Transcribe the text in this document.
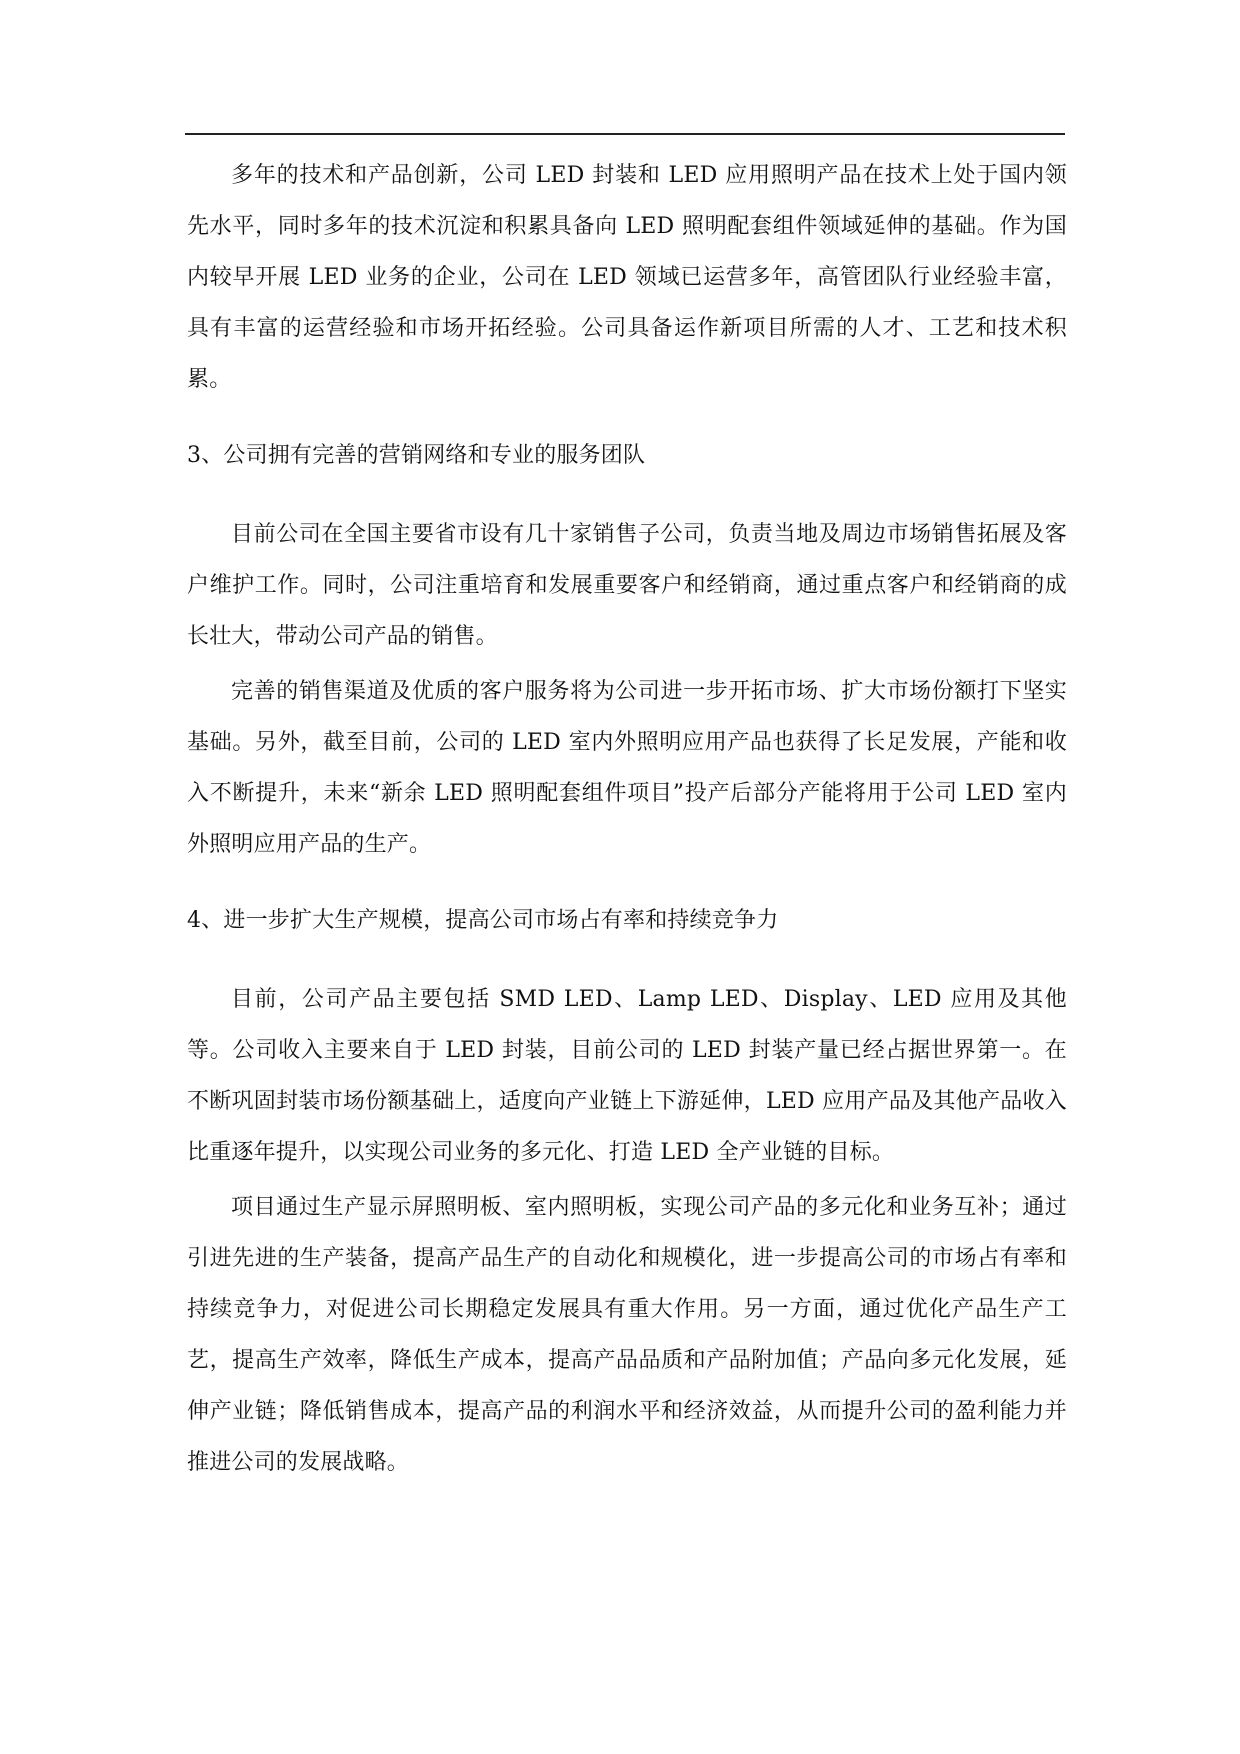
多年的技术和产品创新，公司 LED 封装和 LED 应用照明产品在技术上处于国内领先水平，同时多年的技术沉淀和积累具备向 LED 照明配套组件领域延伸的基础。作为国内较早开展 LED 业务的企业，公司在 LED 领域已运营多年，高管团队行业经验丰富，具有丰富的运营经验和市场开拓经验。公司具备运作新项目所需的人才、工艺和技术积累。

3、公司拥有完善的营销网络和专业的服务团队

目前公司在全国主要省市设有几十家销售子公司，负责当地及周边市场销售拓展及客户维护工作。同时，公司注重培育和发展重要客户和经销商，通过重点客户和经销商的成长壮大，带动公司产品的销售。

完善的销售渠道及优质的客户服务将为公司进一步开拓市场、扩大市场份额打下坚实基础。另外，截至目前，公司的 LED 室内外照明应用产品也获得了长足发展，产能和收入不断提升，未来“新余 LED 照明配套组件项目”投产后部分产能将用于公司 LED 室内外照明应用产品的生产。

4、进一步扩大生产规模，提高公司市场占有率和持续竞争力

目前，公司产品主要包括 SMD LED、Lamp LED、Display、LED 应用及其他等。公司收入主要来自于 LED 封装，目前公司的 LED 封装产量已经占据世界第一。在不断巩固封装市场份额基础上，适度向产业链上下游延伸，LED 应用产品及其他产品收入比重逐年提升，以实现公司业务的多元化、打造 LED 全产业链的目标。

项目通过生产显示屏照明板、室内照明板，实现公司产品的多元化和业务互补；通过引进先进的生产装备，提高产品生产的自动化和规模化，进一步提高公司的市场占有率和持续竞争力，对促进公司长期稳定发展具有重大作用。另一方面，通过优化产品生产工艺，提高生产效率，降低生产成本，提高产品品质和产品附加值；产品向多元化发展，延伸产业链；降低销售成本，提高产品的利润水平和经济效益，从而提升公司的盈利能力并推进公司的发展战略。
